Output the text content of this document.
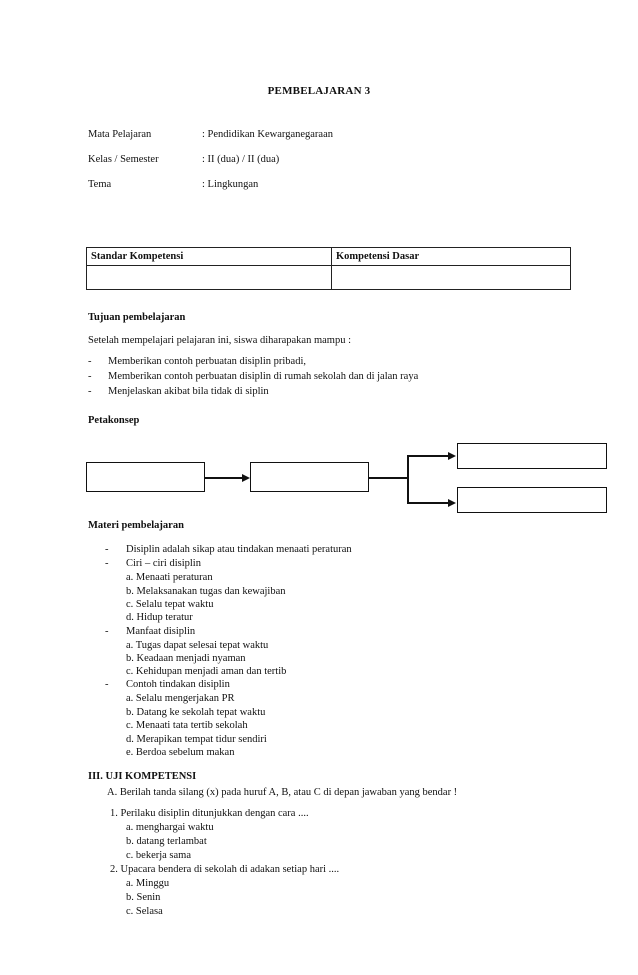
PEMBELAJARAN 3
Mata Pelajaran	: Pendidikan Kewarganegaraan
Kelas / Semester	: II (dua) / II (dua)
Tema	: Lingkungan
Standar Kompetensi	Kompetensi Dasar

Tujuan pembelajaran
Setelah mempelajari pelajaran ini, siswa diharapakan mampu :
- Memberikan contoh perbuatan disiplin pribadi,
- Memberikan contoh perbuatan disiplin di rumah sekolah dan di jalan raya
- Menjelaskan akibat bila tidak di siplin
Petakonsep
Materi pembelajaran
- Disiplin adalah sikap atau tindakan menaati peraturan
- Ciri – ciri disiplin
a. Menaati peraturan
b. Melaksanakan tugas dan kewajiban
c. Selalu tepat waktu
d. Hidup teratur
- Manfaat disiplin
a. Tugas dapat selesai tepat waktu
b. Keadaan menjadi nyaman
c. Kehidupan menjadi aman dan tertib
- Contoh tindakan disiplin
a. Selalu mengerjakan PR
b. Datang ke sekolah tepat waktu
c. Menaati tata tertib sekolah
d. Merapikan tempat tidur sendiri
e. Berdoa sebelum makan
III. UJI KOMPETENSI
A. Berilah tanda silang (x) pada huruf A, B, atau C di depan jawaban yang bendar !
1. Perilaku disiplin ditunjukkan dengan cara ....
a. menghargai waktu
b. datang terlambat
c. bekerja sama
2. Upacara bendera di sekolah di adakan setiap hari ....
a. Minggu
b. Senin
c. Selasa
